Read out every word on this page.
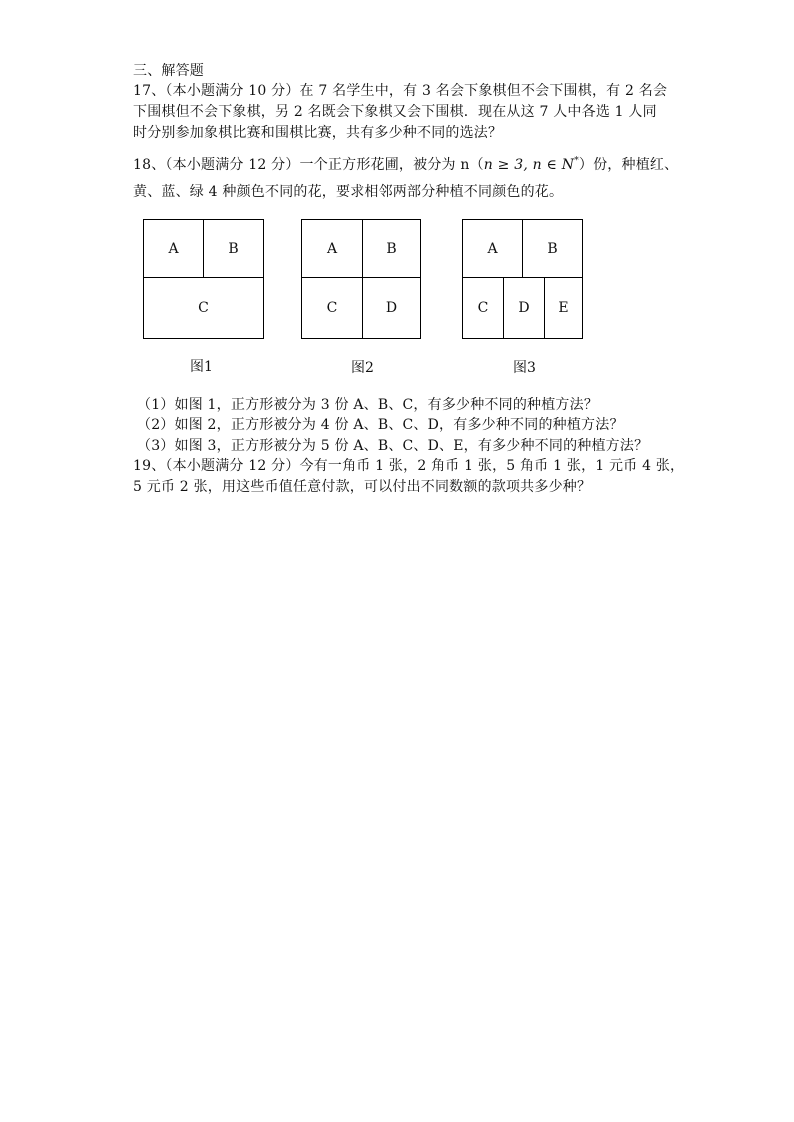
三、解答题
17、（本小题满分 10 分）在 7 名学生中，有 3 名会下象棋但不会下围棋，有 2 名会
下围棋但不会下象棋，另 2 名既会下象棋又会下围棋．现在从这 7 人中各选 1 人同
时分别参加象棋比赛和围棋比赛，共有多少种不同的选法？
18、（本小题满分 12 分）一个正方形花圃，被分为 n（n ≥ 3, n ∈ N*）份，种植红、
黄、蓝、绿 4 种颜色不同的花，要求相邻两部分种植不同颜色的花。
A	B
C
图1
A	B
C	D
图2
A	B
C	D	E
图3
（1）如图 1，正方形被分为 3 份 A、B、C，有多少种不同的种植方法？
（2）如图 2，正方形被分为 4 份 A、B、C、D，有多少种不同的种植方法？
（3）如图 3，正方形被分为 5 份 A、B、C、D、E，有多少种不同的种植方法？
19、（本小题满分 12 分）今有一角币 1 张，2 角币 1 张，5 角币 1 张，1 元币 4 张，
5 元币 2 张，用这些币值任意付款，可以付出不同数额的款项共多少种？
